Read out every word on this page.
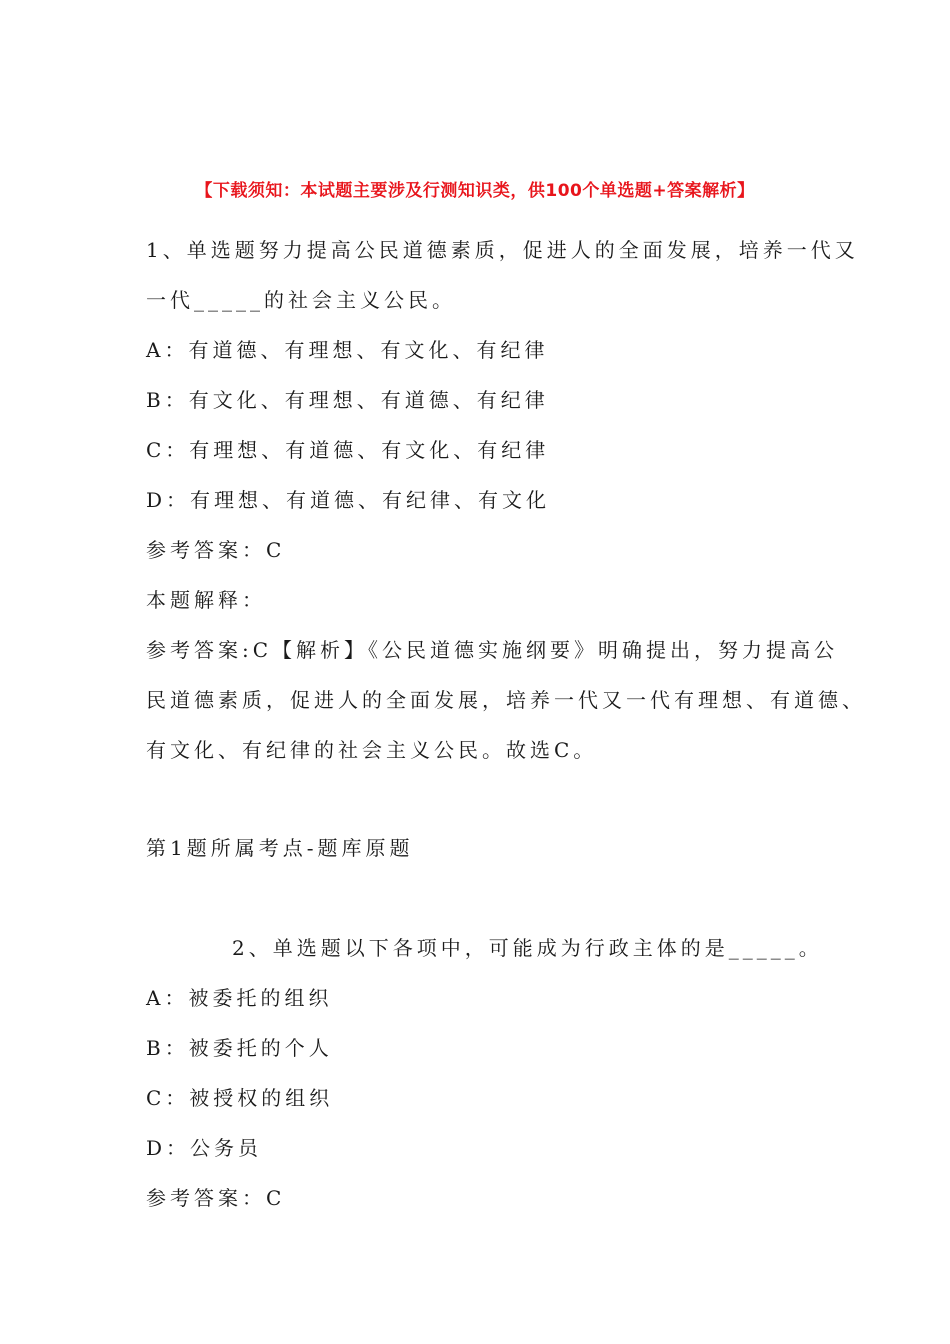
【下载须知：本试题主要涉及行测知识类，供100个单选题+答案解析】
1、单选题努力提高公民道德素质，促进人的全面发展，培养一代又
一代_____的社会主义公民。
A：有道德、有理想、有文化、有纪律
B：有文化、有理想、有道德、有纪律
C：有理想、有道德、有文化、有纪律
D：有理想、有道德、有纪律、有文化
参考答案：C
本题解释：
参考答案:C【解析】《公民道德实施纲要》明确提出，努力提高公
民道德素质，促进人的全面发展，培养一代又一代有理想、有道德、
有文化、有纪律的社会主义公民。故选C。
第1题所属考点-题库原题
2、单选题以下各项中，可能成为行政主体的是_____。
A：被委托的组织
B：被委托的个人
C：被授权的组织
D：公务员
参考答案：C
